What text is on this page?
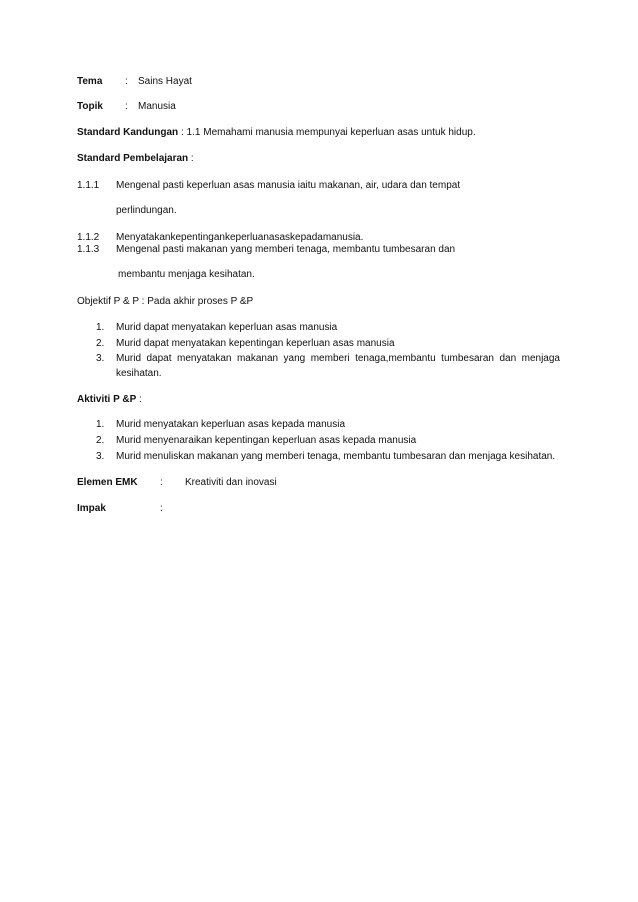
Tema : Sains Hayat
Topik : Manusia
Standard Kandungan : 1.1 Memahami manusia mempunyai keperluan asas untuk hidup.
Standard Pembelajaran :
1.1.1 Mengenal pasti keperluan asas manusia iaitu makanan, air, udara dan tempat
perlindungan.
1.1.2 Menyatakankepentingankeperluanasaskepadamanusia.
1.1.3 Mengenal pasti makanan yang memberi tenaga, membantu tumbesaran dan
membantu menjaga kesihatan.
Objektif P & P : Pada akhir proses P &P
1. Murid dapat menyatakan keperluan asas manusia
2. Murid dapat menyatakan kepentingan keperluan asas manusia
3. Murid dapat menyatakan makanan yang memberi tenaga,membantu tumbesaran dan menjaga
kesihatan.
Aktiviti P &P :
1. Murid menyatakan keperluan asas kepada manusia
2. Murid menyenaraikan kepentingan keperluan asas kepada manusia
3. Murid menuliskan makanan yang memberi tenaga, membantu tumbesaran dan menjaga kesihatan.
Elemen EMK : Kreativiti dan inovasi
Impak	:
